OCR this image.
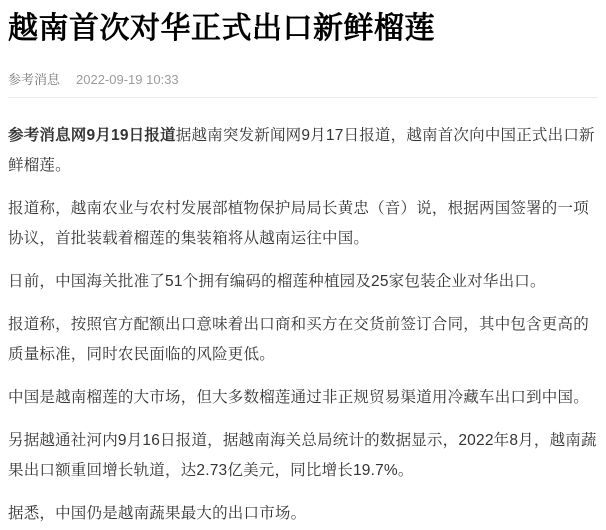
越南首次对华正式出口新鲜榴莲
参考消息 2022-09-19 10:33

参考消息网9月19日报道据越南突发新闻网9月17日报道，越南首次向中国正式出口新鲜榴莲。

报道称，越南农业与农村发展部植物保护局局长黄忠（音）说，根据两国签署的一项协议，首批装载着榴莲的集装箱将从越南运往中国。

日前，中国海关批准了51个拥有编码的榴莲种植园及25家包装企业对华出口。

报道称，按照官方配额出口意味着出口商和买方在交货前签订合同，其中包含更高的质量标准，同时农民面临的风险更低。

中国是越南榴莲的大市场，但大多数榴莲通过非正规贸易渠道用冷藏车出口到中国。

另据越通社河内9月16日报道，据越南海关总局统计的数据显示，2022年8月，越南蔬果出口额重回增长轨道，达2.73亿美元，同比增长19.7%。

据悉，中国仍是越南蔬果最大的出口市场。
